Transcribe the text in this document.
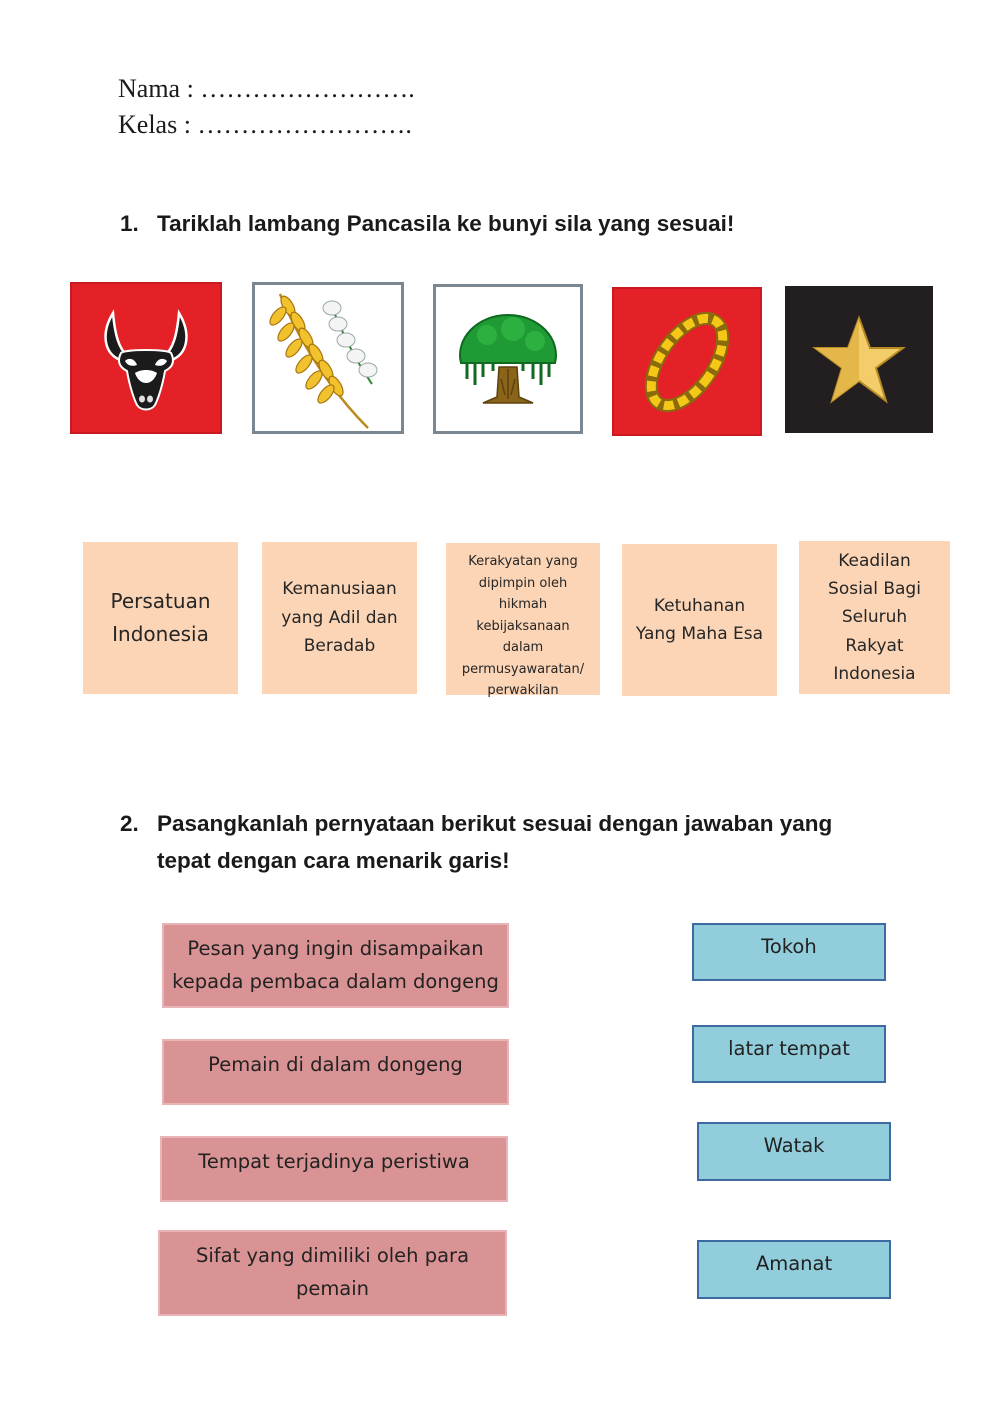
Nama : …………………….
Kelas : …………………….
1. Tariklah lambang Pancasila ke bunyi sila yang sesuai!
Persatuan
Indonesia
Kemanusiaan
yang Adil dan
Beradab
Kerakyatan yang
dipimpin oleh
hikmah
kebijaksanaan
dalam
permusyawaratan/
perwakilan
Ketuhanan
Yang Maha Esa
Keadilan
Sosial Bagi
Seluruh
Rakyat
Indonesia
2. Pasangkanlah pernyataan berikut sesuai dengan jawaban yang
tepat dengan cara menarik garis!
Pesan yang ingin disampaikan
kepada pembaca dalam dongeng
Pemain di dalam dongeng
Tempat terjadinya peristiwa
Sifat yang dimiliki oleh para
pemain
Tokoh
latar tempat
Watak
Amanat
